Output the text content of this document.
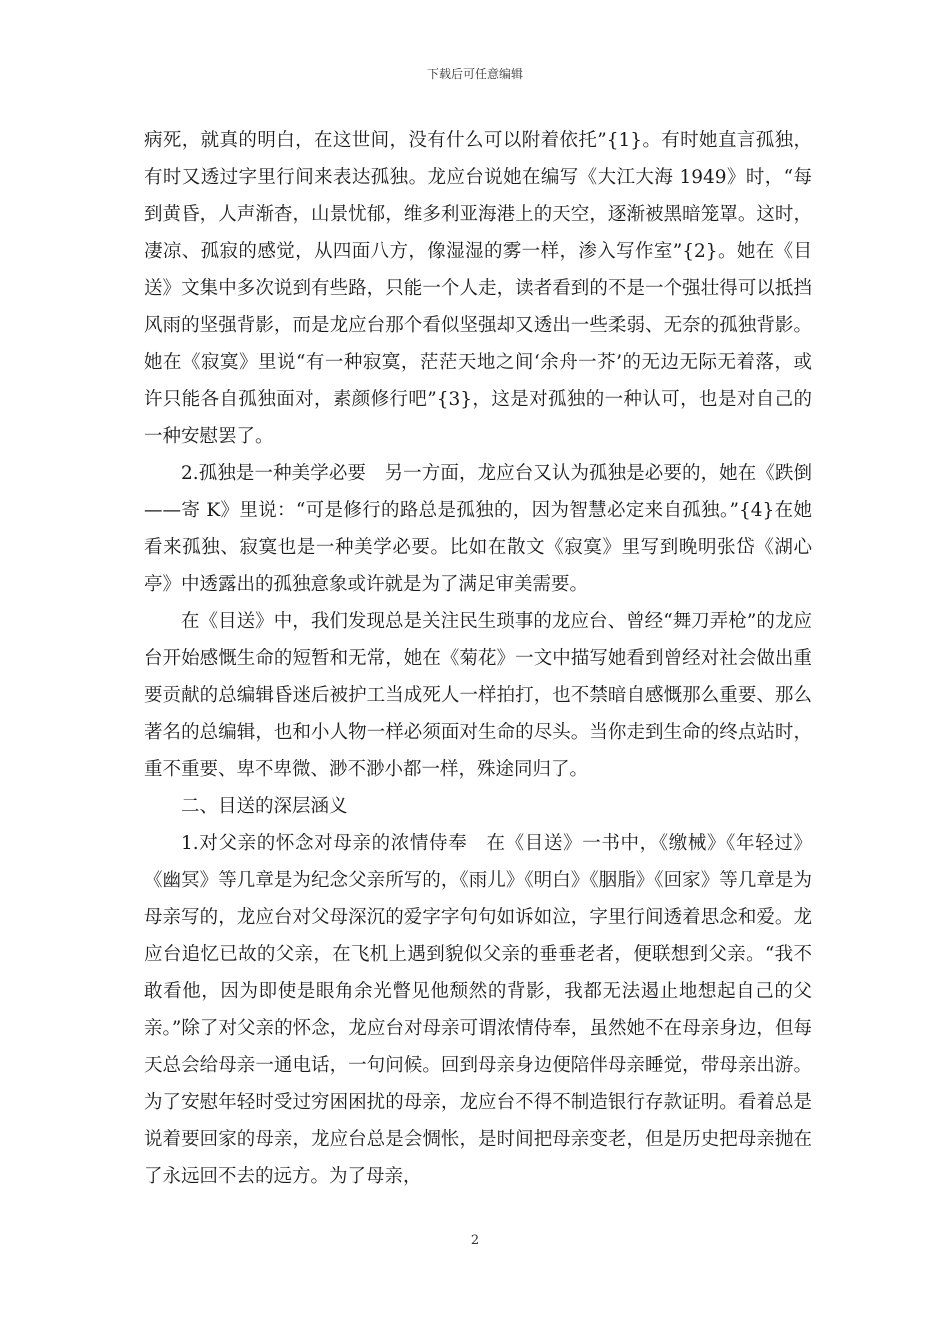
下载后可任意编辑

病死，就真的明白，在这世间，没有什么可以附着依托”{1}。有时她直言孤独，有时又透过字里行间来表达孤独。龙应台说她在编写《大江大海 1949》时，“每到黄昏，人声渐杳，山景忧郁，维多利亚海港上的天空，逐渐被黑暗笼罩。这时，凄凉、孤寂的感觉，从四面八方，像湿湿的雾一样，渗入写作室”{2}。她在《目送》文集中多次说到有些路，只能一个人走，读者看到的不是一个强壮得可以抵挡风雨的坚强背影，而是龙应台那个看似坚强却又透出一些柔弱、无奈的孤独背影。她在《寂寞》里说“有一种寂寞，茫茫天地之间‘余舟一芥’的无边无际无着落，或许只能各自孤独面对，素颜修行吧”{3}，这是对孤独的一种认可，也是对自己的一种安慰罢了。

2.孤独是一种美学必要　另一方面，龙应台又认为孤独是必要的，她在《跌倒——寄 K》里说：“可是修行的路总是孤独的，因为智慧必定来自孤独。”{4}在她看来孤独、寂寞也是一种美学必要。比如在散文《寂寞》里写到晚明张岱《湖心亭》中透露出的孤独意象或许就是为了满足审美需要。

在《目送》中，我们发现总是关注民生琐事的龙应台、曾经“舞刀弄枪”的龙应台开始感慨生命的短暂和无常，她在《菊花》一文中描写她看到曾经对社会做出重要贡献的总编辑昏迷后被护工当成死人一样拍打，也不禁暗自感慨那么重要、那么著名的总编辑，也和小人物一样必须面对生命的尽头。当你走到生命的终点站时，重不重要、卑不卑微、渺不渺小都一样，殊途同归了。

二、目送的深层涵义

1.对父亲的怀念对母亲的浓情侍奉　在《目送》一书中，《缴械》《年轻过》《幽冥》等几章是为纪念父亲所写的，《雨儿》《明白》《胭脂》《回家》等几章是为母亲写的，龙应台对父母深沉的爱字字句句如诉如泣，字里行间透着思念和爱。龙应台追忆已故的父亲，在飞机上遇到貌似父亲的垂垂老者，便联想到父亲。“我不敢看他，因为即使是眼角余光瞥见他颓然的背影，我都无法遏止地想起自己的父亲。”除了对父亲的怀念，龙应台对母亲可谓浓情侍奉，虽然她不在母亲身边，但每天总会给母亲一通电话，一句问候。回到母亲身边便陪伴母亲睡觉，带母亲出游。为了安慰年轻时受过穷困困扰的母亲，龙应台不得不制造银行存款证明。看着总是说着要回家的母亲，龙应台总是会惆怅，是时间把母亲变老，但是历史把母亲抛在了永远回不去的远方。为了母亲，

2
